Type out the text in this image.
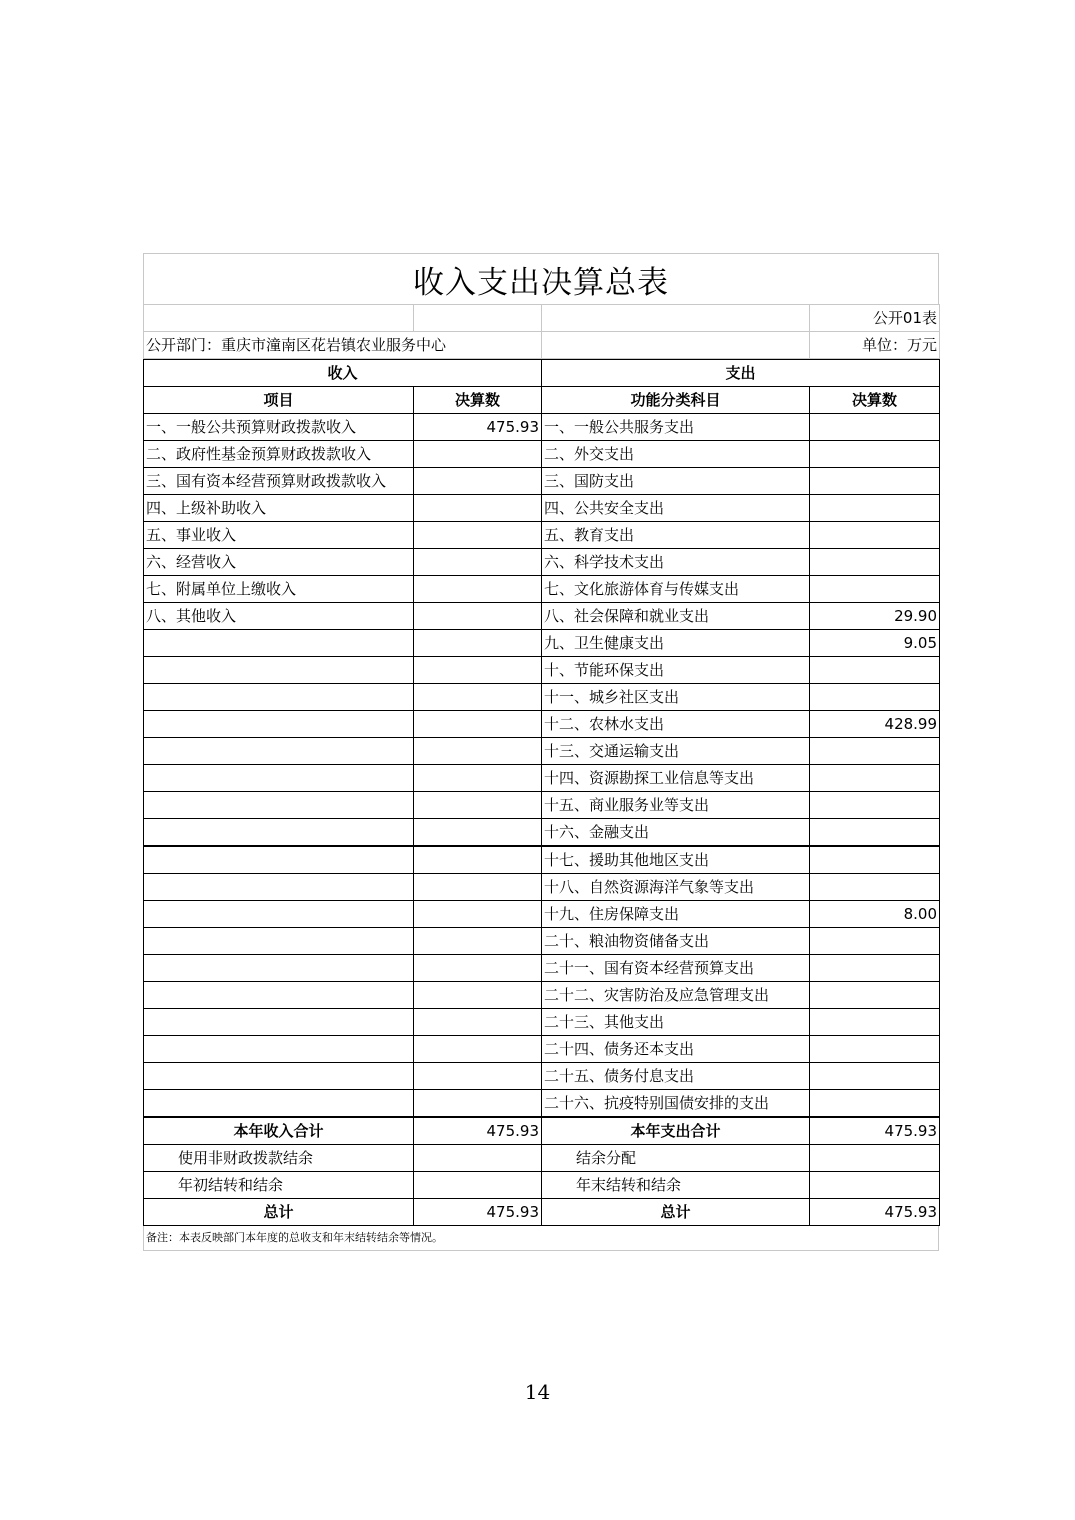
收入支出决算总表
			公开01表
公开部门：重庆市潼南区花岩镇农业服务中心			单位：万元
收入		支出	
项目	决算数	功能分类科目	决算数
一、一般公共预算财政拨款收入	475.93	一、一般公共服务支出	
二、政府性基金预算财政拨款收入		二、外交支出	
三、国有资本经营预算财政拨款收入		三、国防支出	
四、上级补助收入		四、公共安全支出	
五、事业收入		五、教育支出	
六、经营收入		六、科学技术支出	
七、附属单位上缴收入		七、文化旅游体育与传媒支出	
八、其他收入		八、社会保障和就业支出	29.90
		九、卫生健康支出	9.05
		十、节能环保支出	
		十一、城乡社区支出	
		十二、农林水支出	428.99
		十三、交通运输支出	
		十四、资源勘探工业信息等支出	
		十五、商业服务业等支出	
		十六、金融支出	
		十七、援助其他地区支出	
		十八、自然资源海洋气象等支出	
		十九、住房保障支出	8.00
		二十、粮油物资储备支出	
		二十一、国有资本经营预算支出	
		二十二、灾害防治及应急管理支出	
		二十三、其他支出	
		二十四、债务还本支出	
		二十五、债务付息支出	
		二十六、抗疫特别国债安排的支出	
本年收入合计	475.93	本年支出合计	475.93
使用非财政拨款结余		结余分配	
年初结转和结余		年末结转和结余	
总计	475.93	总计	475.93
备注：本表反映部门本年度的总收支和年末结转结余等情况。
14
